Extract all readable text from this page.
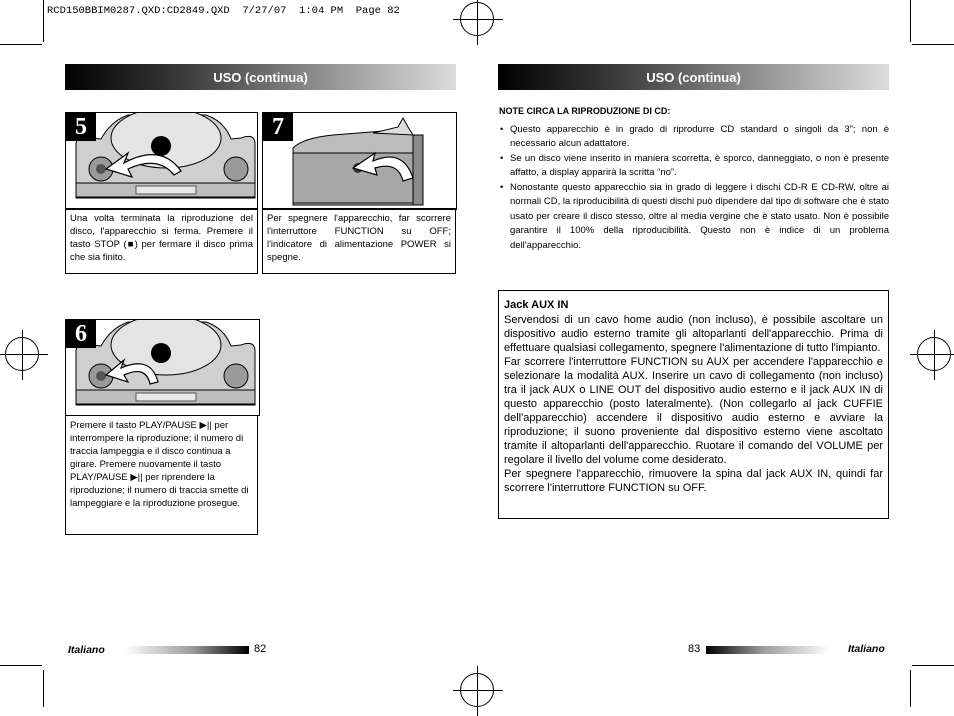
RCD150BBIM0287.QXD:CD2849.QXD  7/27/07  1:04 PM  Page 82
USO (continua)
5
Una volta terminata la riproduzione del disco, l'apparecchio si ferma. Premere il tasto STOP (■) per fermare il disco prima che sia finito.
7
Per spegnere l'apparecchio, far scorrere l'interruttore FUNCTION su OFF; l'indicatore di alimentazione POWER si spegne.
6
Premere il tasto PLAY/PAUSE ▶|| per interrompere la riproduzione; il numero di traccia lampeggia e il disco continua a girare. Premere nuovamente il tasto PLAY/PAUSE ▶|| per riprendere la riproduzione; il numero di traccia smette di lampeggiare e la riproduzione prosegue.
Italiano	82
USO (continua)
NOTE CIRCA LA RIPRODUZIONE DI CD:
• Questo apparecchio è in grado di riprodurre CD standard o singoli da 3"; non è necessario alcun adattatore.
• Se un disco viene inserito in maniera scorretta, è sporco, danneggiato, o non è presente affatto, a display apparirà la scritta “no”.
• Nonostante questo apparecchio sia in grado di leggere i dischi CD-R E CD-RW, oltre ai normali CD, la riproducibilità di questi dischi può dipendere dal tipo di software che è stato usato per creare il disco stesso, oltre al media vergine che è stato usato. Non è possibile garantire il 100% della riproducibilità. Questo non è indice di un problema dell'apparecchio.
Jack AUX IN

Servendosi di un cavo home audio (non incluso), è possibile ascoltare un dispositivo audio esterno tramite gli altoparlanti dell'apparecchio. Prima di effettuare qualsiasi collegamento, spegnere l'alimentazione di tutto l'impianto.

Far scorrere l'interruttore FUNCTION su AUX per accendere l'apparecchio e selezionare la modalità AUX. Inserire un cavo di collegamento (non incluso) tra il jack AUX o LINE OUT del dispositivo audio esterno e il jack AUX IN di questo apparecchio (posto lateralmente). (Non collegarlo al jack CUFFIE dell'apparecchio) accendere il dispositivo audio esterno e avviare la riproduzione; il suono proveniente dal dispositivo esterno viene ascoltato tramite il altoparlanti dell'apparecchio. Ruotare il comando del VOLUME per regolare il livello del volume come desiderato.

Per spegnere l'apparecchio, rimuovere la spina dal jack AUX IN, quindi far scorrere l'interruttore FUNCTION su OFF.

83	Italiano
